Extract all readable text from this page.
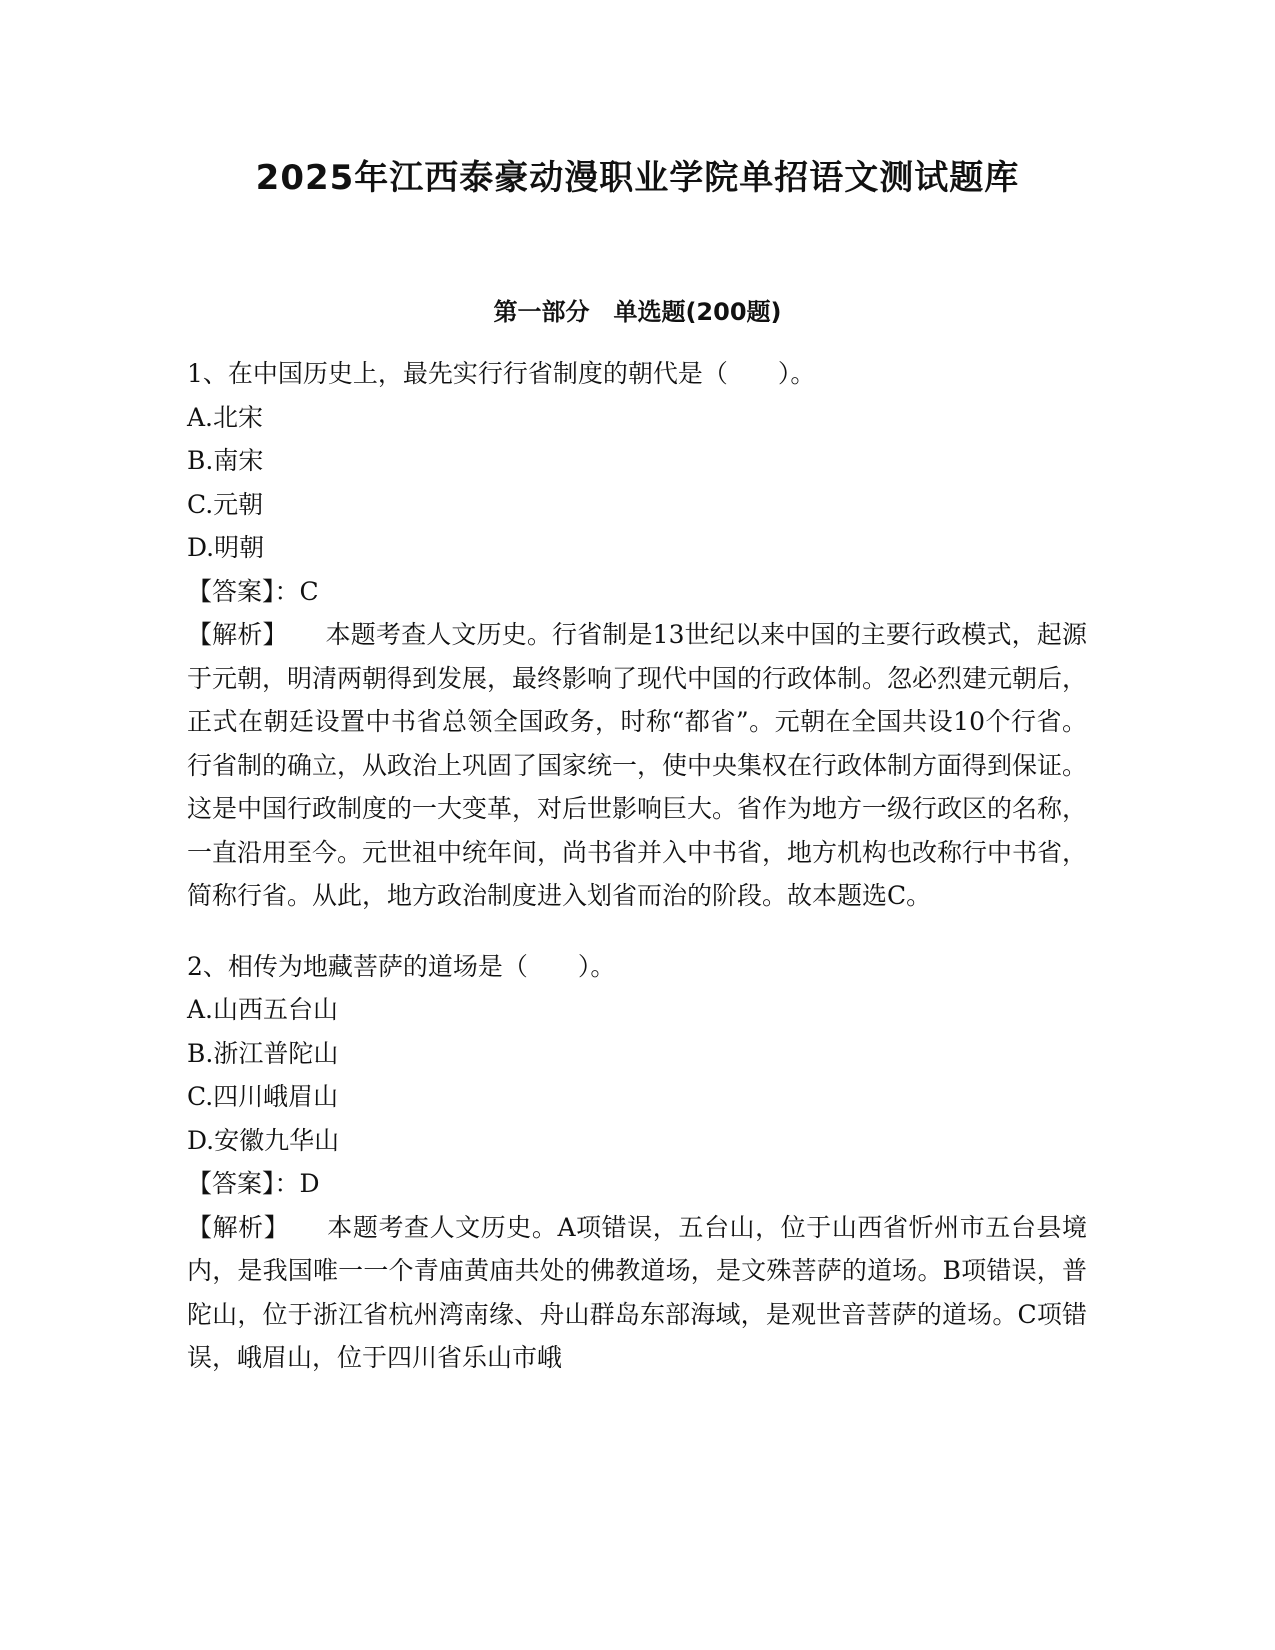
2025年江西泰豪动漫职业学院单招语文测试题库
第一部分　单选题(200题)

1、在中国历史上，最先实行行省制度的朝代是（　　）。

A.北宋

B.南宋

C.元朝

D.明朝

【答案】：C

【解析】 本题考查人文历史。行省制是13世纪以来中国的主要行政模式，起源于元朝，明清两朝得到发展，最终影响了现代中国的行政体制。忽必烈建元朝后，正式在朝廷设置中书省总领全国政务，时称“都省”。元朝在全国共设10个行省。行省制的确立，从政治上巩固了国家统一，使中央集权在行政体制方面得到保证。这是中国行政制度的一大变革，对后世影响巨大。省作为地方一级行政区的名称，一直沿用至今。元世祖中统年间，尚书省并入中书省，地方机构也改称行中书省，简称行省。从此，地方政治制度进入划省而治的阶段。故本题选C。

2、相传为地藏菩萨的道场是（　　）。

A.山西五台山

B.浙江普陀山

C.四川峨眉山

D.安徽九华山

【答案】：D

【解析】 本题考查人文历史。A项错误，五台山，位于山西省忻州市五台县境内，是我国唯一一个青庙黄庙共处的佛教道场，是文殊菩萨的道场。B项错误，普陀山，位于浙江省杭州湾南缘、舟山群岛东部海域，是观世音菩萨的道场。C项错误，峨眉山，位于四川省乐山市峨
